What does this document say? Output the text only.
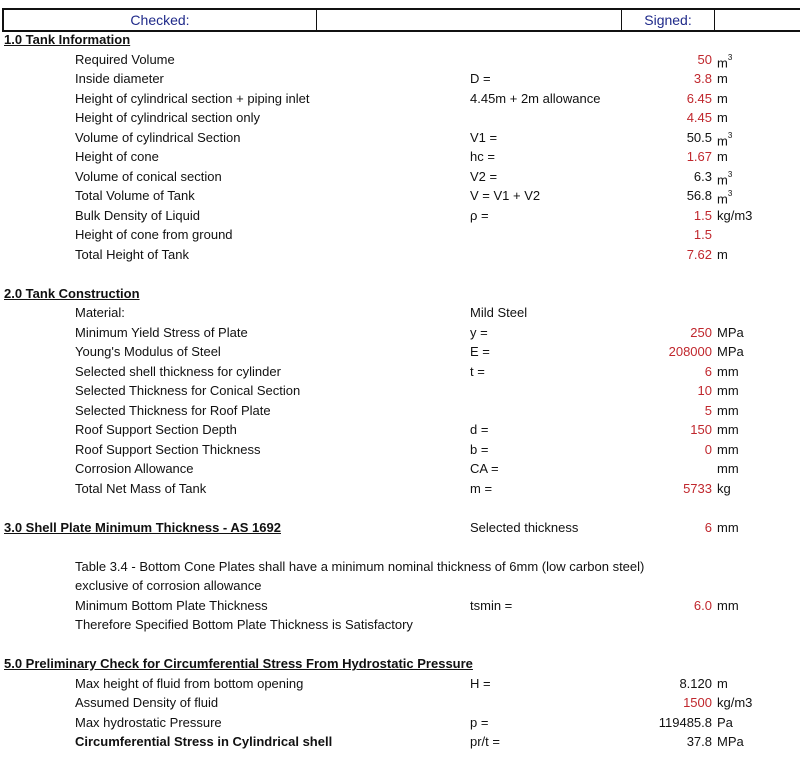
Checked:	Signed:
1.0 Tank Information
Required Volume	50 $m^3$
Inside diameter	D =	3.8 m
Height of cylindrical section + piping inlet	4.45m + 2m allowance	6.45 m
Height of cylindrical section only	4.45 m
Volume of cylindrical Section	V1 =	50.5 $m^3$
Height of cone	hc =	1.67 m
Volume of conical section	V2 =	6.3 $m^3$
Total Volume of Tank	V = V1 + V2	56.8 $m^3$
Bulk Density of Liquid	ρ =	1.5 kg/m3
Height of cone from ground	1.5
Total Height of Tank	7.62 m
2.0 Tank Construction
Material:	Mild Steel
Minimum Yield Stress of Plate	y =	250 MPa
Young's Modulus of Steel	E =	208000 MPa
Selected shell thickness for cylinder	t =	6 mm
Selected Thickness for Conical Section	10 mm
Selected Thickness for Roof Plate	5 mm
Roof Support Section Depth	d =	150 mm
Roof Support Section Thickness	b =	0 mm
Corrosion Allowance	CA =	mm
Total Net Mass of Tank	m =	5733 kg
3.0 Shell Plate Minimum Thickness - AS 1692	Selected thickness	6 mm
Table 3.4 - Bottom Cone Plates shall have a minimum nominal thickness of 6mm (low carbon steel)
exclusive of corrosion allowance
Minimum Bottom Plate Thickness	tsmin =	6.0 mm
Therefore Specified Bottom Plate Thickness is Satisfactory
5.0 Preliminary Check for Circumferential Stress From Hydrostatic Pressure
Max height of fluid from bottom opening	H =	8.120 m
Assumed Density of fluid	1500 kg/m3
Max hydrostatic Pressure	p =	119485.8 Pa
Circumferential Stress in Cylindrical shell	pr/t =	37.8 MPa
